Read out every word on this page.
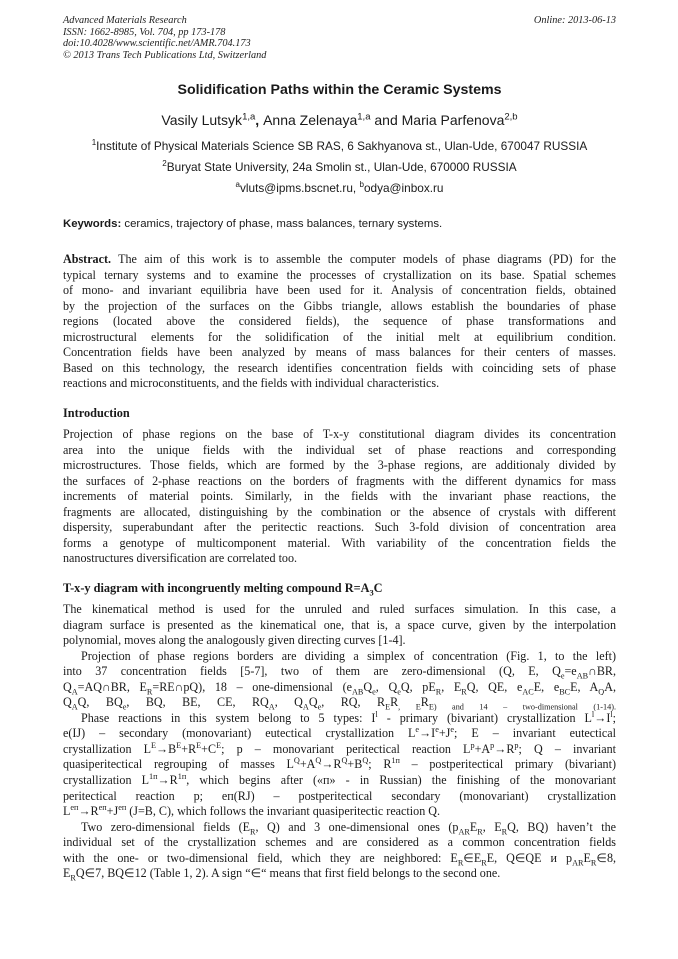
Advanced Materials Research
ISSN: 1662-8985, Vol. 704, pp 173-178
doi:10.4028/www.scientific.net/AMR.704.173
© 2013 Trans Tech Publications Ltd, Switzerland
Online: 2013-06-13
Solidification Paths within the Ceramic Systems
Vasily Lutsyk$^{1,a}$, Anna Zelenaya$^{1,a}$ and Maria Parfenova$^{2,b}$
$^1$Institute of Physical Materials Science SB RAS, 6 Sakhyanova st., Ulan-Ude, 670047 RUSSIA
$^2$Buryat State University, 24a Smolin st., Ulan-Ude, 670000 RUSSIA
$^a$vluts@ipms.bscnet.ru, $^b$odya@inbox.ru
Keywords: ceramics, trajectory of phase, mass balances, ternary systems.
Abstract. The aim of this work is to assemble the computer models of phase diagrams (PD) for the
typical ternary systems and to examine the processes of crystallization on its base. Spatial schemes
of mono- and invariant equilibria have been used for it. Analysis of concentration fields, obtained
by the projection of the surfaces on the Gibbs triangle, allows establish the boundaries of phase
regions (located above the considered fields), the sequence of phase transformations and
microstructural elements for the solidification of the initial melt at equilibrium condition.
Concentration fields have been analyzed by means of mass balances for their centers of masses.
Based on this technology, the research identifies concentration fields with coinciding sets of phase
reactions and microconstituents, and the fields with individual characteristics.
Introduction
Projection of phase regions on the base of T-x-y constitutional diagram divides its concentration
area into the unique fields with the individual set of phase reactions and corresponding
microstructures. Those fields, which are formed by the 3-phase regions, are additionaly divided by
the surfaces of 2-phase reactions on the borders of fragments with the different dynamics for mass
increments of material points. Similarly, in the fields with the invariant phase reactions, the
fragments are allocated, distinguishing by the combination or the absence of crystals with different
dispersity, superabundant after the peritectic reactions. Such 3-fold division of concentration area
forms a genotype of multicomponent material. With variability of the concentration fields the
nanostructures diversification are correlated too.
T-x-y diagram with incongruently melting compound $R=A_3C$
The kinematical method is used for the unruled and ruled surfaces simulation. In this case, a
diagram surface is presented as the kinematical one, that is, a space curve, given by the interpolation
polynomial, moves along the analogously given directing curves [1-4].
Projection of phase regions borders are dividing a simplex of concentration (Fig. 1, to the left)
into 37 concentration fields [5-7], two of them are zero-dimensional (Q, E, $Q_e=e_{AB}\cap BR$,
$Q_A=AQ\cap BR$, $E_R=RE\cap pQ$), 18 – one-dimensional ($e_{AB}Q_e$, $Q_eQ$, $pE_R$, $E_RQ$, QE, $e_{AC}E$, $e_{BC}E$, $A_QA$,
$Q_AQ$, $BQ_e$, BQ, BE, CE, $RQ_A$, $Q_AQ_e$, RQ, $R_ER_{, E}R_{E) and 14 - two-dimensional (1-14).}$
Phase reactions in this system belong to 5 types: $I^l$ - primary (bivariant) crystallization $L^l\to I^l$;
e(IJ) – secondary (monovariant) eutectical crystallization $L^e\to I^e+J^e$; E – invariant eutectical
crystallization $L^E\to B^E+R^E+C^E$; p – monovariant peritectical reaction $L^p+A^p\to R^p$; Q – invariant
quasiperitectical regrouping of masses $L^Q+A^Q\to R^Q+B^Q$; $R^{1п}$ – postperitectical primary (bivariant)
crystallization $L^{1п}\to R^{1п}$, which begins after («п» - in Russian) the finishing of the monovariant
peritectical reaction p; eп(RJ) – postperitectical secondary (monovariant) crystallization
$L^{eп}\to R^{eп}+J^{eп}$ (J=B, C), which follows the invariant quasiperitectic reaction Q.
Two zero-dimensional fields ($E_R$, Q) and 3 one-dimensional ones ($p_{AR}E_R$, $E_RQ$, BQ) haven’t the
individual set of the crystallization schemes and are considered as a common concentration fields
with the one- or two-dimensional field, which they are neighbored: $E_R\in E_RE$, Q∈QE и $p_{AR}E_R\in 8$,
$E_RQ\in 7$, BQ∈12 (Table 1, 2). A sign “∈“ means that first field belongs to the second one.
